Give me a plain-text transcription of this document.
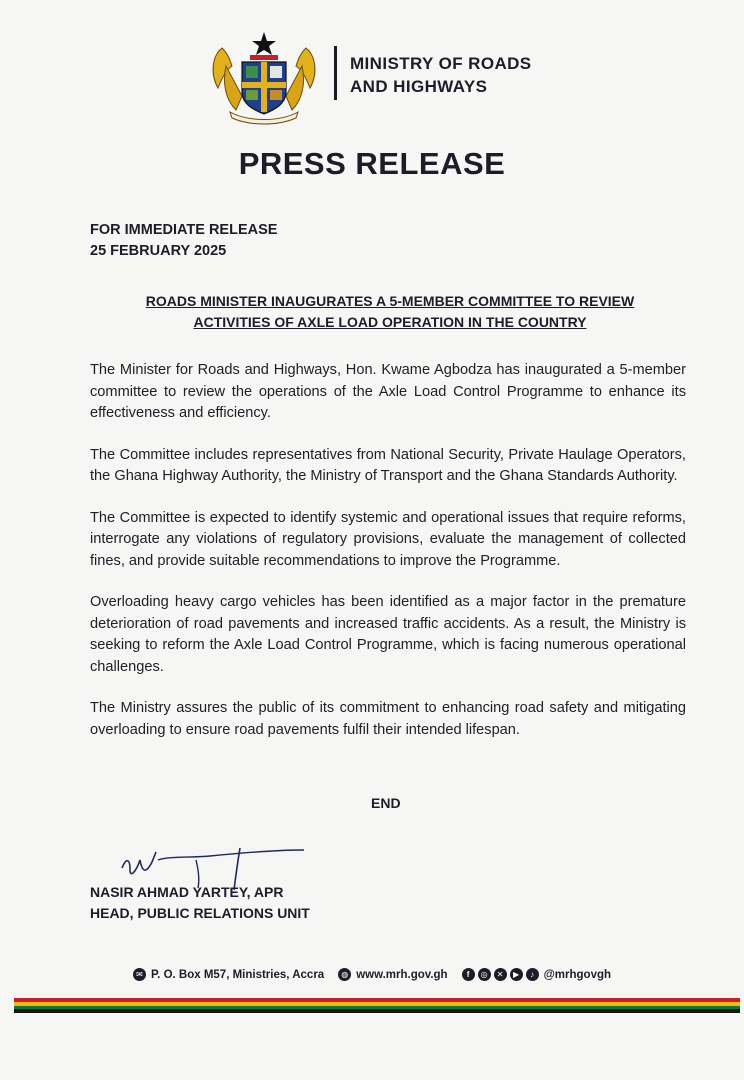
MINISTRY OF ROADS
AND HIGHWAYS
PRESS RELEASE
FOR IMMEDIATE RELEASE
25 FEBRUARY 2025
ROADS MINISTER INAUGURATES A 5-MEMBER COMMITTEE TO REVIEW
ACTIVITIES OF AXLE LOAD OPERATION IN THE COUNTRY

The Minister for Roads and Highways, Hon. Kwame Agbodza has inaugurated a 5-member committee to review the operations of the Axle Load Control Programme to enhance its effectiveness and efficiency.

The Committee includes representatives from National Security, Private Haulage Operators, the Ghana Highway Authority, the Ministry of Transport and the Ghana Standards Authority.

The Committee is expected to identify systemic and operational issues that require reforms, interrogate any violations of regulatory provisions, evaluate the management of collected fines, and provide suitable recommendations to improve the Programme.

Overloading heavy cargo vehicles has been identified as a major factor in the premature deterioration of road pavements and increased traffic accidents. As a result, the Ministry is seeking to reform the Axle Load Control Programme, which is facing numerous operational challenges.

The Ministry assures the public of its commitment to enhancing road safety and mitigating overloading to ensure road pavements fulfil their intended lifespan.

END
NASIR AHMAD YARTEY, APR
HEAD, PUBLIC RELATIONS UNIT
✉ P. O. Box M57, Ministries, Accra	◍ www.mrh.gov.gh	f	◎	✕	▶	♪ @mrhgovgh
